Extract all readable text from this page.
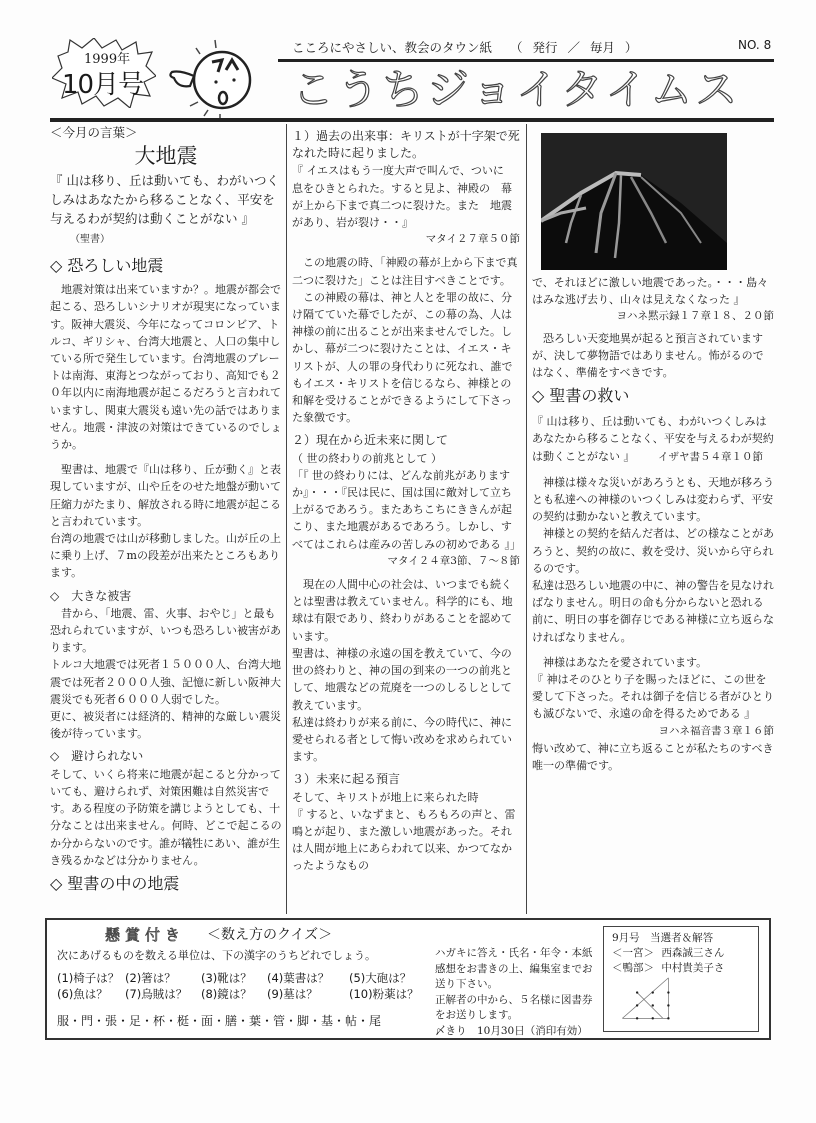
1999年
10月号
こころにやさしい、教会のタウン紙 （ 発行 ／ 毎月 ）	NO. 8
こうちジョイタイムス
＜今月の言葉＞
大地震
『 山は移り、丘は動いても、わがいつくしみはあなたから移ることなく、平安を与えるわが契約は動くことがない 』 （聖書）

◇ 恐ろしい地震

地震対策は出来ていますか？。地震が都会で起こる、恐ろしいシナリオが現実になっています。阪神大震災、今年になってコロンビア、トルコ、ギリシャ、台湾大地震と、人口の集中している所で発生しています。台湾地震のプレートは南海、東海とつながっており、高知でも２０年以内に南海地震が起こるだろうと言われていますし、関東大震災も遠い先の話ではありません。地震・津波の対策はできているのでしょうか。

聖書は、地震で『山は移り、丘が動く』と表現していますが、山や丘をのせた地盤が動いて圧縮力がたまり、解放される時に地震が起こると言われています。

台湾の地震では山が移動しました。山が丘の上に乗り上げ、７mの段差が出来たところもあります。

◇　大きな被害

昔から、「地震、雷、火事、おやじ」と最も恐れられていますが、いつも恐ろしい被害があります。

トルコ大地震では死者１５０００人、台湾大地震では死者２０００人強、記憶に新しい阪神大震災でも死者６０００人弱でした。

更に、被災者には経済的、精神的な厳しい震災後が待っています。

◇　避けられない

そして、いくら将来に地震が起こると分かっていても、避けられず、対策困難は自然災害です。ある程度の予防策を講じようとしても、十分なことは出来ません。何時、どこで起こるのか分からないのです。誰が犠牲にあい、誰が生き残るかなどは分かりません。

◇ 聖書の中の地震

１）過去の出来事：キリストが十字架で死なれた時に起りました。

『 イエスはもう一度大声で叫んで、ついに　息をひきとられた。すると見よ、神殿の　幕が上から下まで真二つに裂けた。また　地震があり、岩が裂け・・』

マタイ２７章５０節

この地震の時、「神殿の幕が上から下まで真二つに裂けた」ことは注目すべきことです。

この神殿の幕は、神と人とを罪の故に、分け隔てていた幕でしたが、この幕の為、人は神様の前に出ることが出来ませんでした。しかし、幕が二つに裂けたことは、イエス・キリストが、人の罪の身代わりに死なれ、誰でもイエス・キリストを信じるなら、神様との和解を受けることができるようにして下さった象徴です。

２）現在から近未来に関して

（ 世の終わりの前兆として ）

「『 世の終わりには、どんな前兆がありますか』・・・『民は民に、国は国に敵対して立ち上がるであろう。またあちこちにききんが起こり、また地震があるであろう。しかし、すべてはこれらは産みの苦しみの初めである 』」

マタイ２４章3節、７～８節

現在の人間中心の社会は、いつまでも続くとは聖書は教えていません。科学的にも、地球は有限であり、終わりがあることを認めています。

聖書は、神様の永遠の国を教えていて、今の世の終わりと、神の国の到来の一つの前兆として、地震などの荒廃を一つのしるしとして教えています。

私達は終わりが来る前に、今の時代に、神に愛せられる者として悔い改めを求められています。

３）未来に起る預言

そして、キリストが地上に来られた時

『 すると、いなずまと、もろもろの声と、雷鳴とが起り、また激しい地震があった。それは人間が地上にあらわれて以来、かつてなかったようなもの

で、それほどに激しい地震であった。・・・島々はみな逃げ去り、山々は見えなくなった 』

ヨハネ黙示録１７章１８、２０節

恐ろしい天変地異が起ると預言されていますが、決して夢物語ではありません。怖がるのではなく、準備をすべきです。

◇ 聖書の救い

『 山は移り、丘は動いても、わがいつくしみはあなたから移ることなく、平安を与えるわが契約は動くことがない 』 イザヤ書５４章１０節

神様は様々な災いがあろうとも、天地が移ろうとも私達への神様のいつくしみは変わらず、平安の契約は動かないと教えています。

神様との契約を結んだ者は、どの様なことがあろうと、契約の故に、救を受け、災いから守られるのです。

私達は恐ろしい地震の中に、神の警告を見なければなりません。明日の命も分からないと恐れる前に、明日の事を御存じである神様に立ち返らなければなりません。

神様はあなたを愛されています。

『 神はそのひとり子を賜ったほどに、この世を愛して下さった。それは御子を信じる者がひとりも滅びないで、永遠の命を得るためである 』

ヨハネ福音書３章１６節

悔い改めて、神に立ち返ることが私たちのすべき唯一の準備です。

懸賞付き ＜数え方のクイズ＞
次にあげるものを数える単位は、下の漢字のうちどれでしょう。
(1)椅子は？ (2)箸は？	(3)靴は？	(4)葉書は？	(5)大砲は？
(6)魚は？	(7)烏賊は？	(8)鏡は？	(9)墓は？	(10)粉薬は？
服・門・張・足・杯・梃・面・膳・葉・管・脚・基・帖・尾
ハガキに答え・氏名・年令・本紙感想をお書きの上、編集室までお送り下さい。
正解者の中から、５名様に図書券をお送りします。
〆きり　10月30日（消印有効）
9月号　当選者＆解答
＜一宮＞ 西森誠三さん
＜鴨部＞ 中村貴美子さ
